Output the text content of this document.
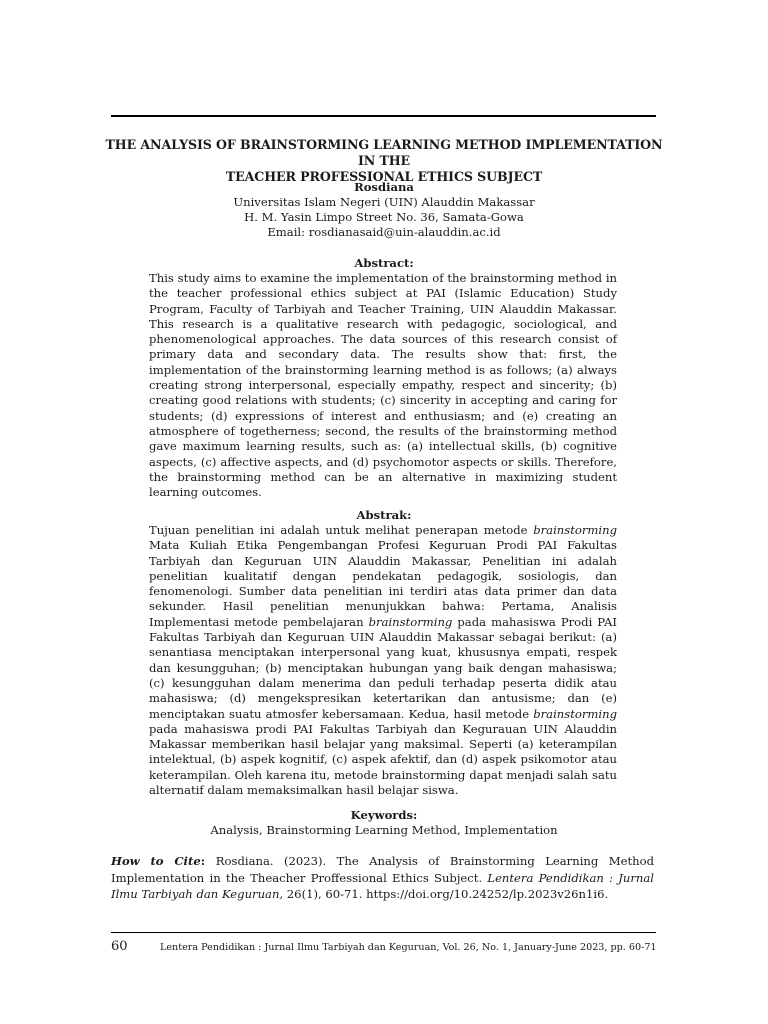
THE ANALYSIS OF BRAINSTORMING LEARNING METHOD IMPLEMENTATION IN THE
TEACHER PROFESSIONAL ETHICS SUBJECT
Rosdiana
Universitas Islam Negeri (UIN) Alauddin Makassar
H. M. Yasin Limpo Street No. 36, Samata-Gowa
Email: rosdianasaid@uin-alauddin.ac.id
Abstract:

This study aims to examine the implementation of the brainstorming method in the teacher professional ethics subject at PAI (Islamic Education) Study Program, Faculty of Tarbiyah and Teacher Training, UIN Alauddin Makassar. This research is a qualitative research with pedagogic, sociological, and phenomenological approaches. The data sources of this research consist of primary data and secondary data. The results show that: first, the implementation of the brainstorming learning method is as follows; (a) always creating strong interpersonal, especially empathy, respect and sincerity; (b) creating good relations with students; (c) sincerity in accepting and caring for students; (d) expressions of interest and enthusiasm; and (e) creating an atmosphere of togetherness; second, the results of the brainstorming method gave maximum learning results, such as: (a) intellectual skills, (b) cognitive aspects, (c) affective aspects, and (d) psychomotor aspects or skills. Therefore, the brainstorming method can be an alternative in maximizing student learning outcomes.

Abstrak:

Tujuan penelitian ini adalah untuk melihat penerapan metode brainstorming Mata Kuliah Etika Pengembangan Profesi Keguruan Prodi PAI Fakultas Tarbiyah dan Keguruan UIN Alauddin Makassar, Penelitian ini adalah penelitian kualitatif dengan pendekatan pedagogik, sosiologis, dan fenomenologi. Sumber data penelitian ini terdiri atas data primer dan data sekunder. Hasil penelitian menunjukkan bahwa: Pertama, Analisis Implementasi metode pembelajaran brainstorming pada mahasiswa Prodi PAI Fakultas Tarbiyah dan Keguruan UIN Alauddin Makassar sebagai berikut: (a) senantiasa menciptakan interpersonal yang kuat, khususnya empati, respek dan kesungguhan; (b) menciptakan hubungan yang baik dengan mahasiswa; (c) kesungguhan dalam menerima dan peduli terhadap peserta didik atau mahasiswa; (d) mengekspresikan ketertarikan dan antusisme; dan (e) menciptakan suatu atmosfer kebersamaan. Kedua, hasil metode brainstorming pada mahasiswa prodi PAI Fakultas Tarbiyah dan Kegurauan UIN Alauddin Makassar memberikan hasil belajar yang maksimal. Seperti (a) keterampilan intelektual, (b) aspek kognitif, (c) aspek afektif, dan (d) aspek psikomotor atau keterampilan. Oleh karena itu, metode brainstorming dapat menjadi salah satu alternatif dalam memaksimalkan hasil belajar siswa.

Keywords:
Analysis, Brainstorming Learning Method, Implementation

How to Cite: Rosdiana. (2023). The Analysis of Brainstorming Learning Method Implementation in the Theacher Proffessional Ethics Subject. Lentera Pendidikan : Jurnal Ilmu Tarbiyah dan Keguruan, 26(1), 60-71. https://doi.org/10.24252/lp.2023v26n1i6.

60	Lentera Pendidikan : Jurnal Ilmu Tarbiyah dan Keguruan, Vol. 26, No. 1, January-June 2023, pp. 60-71
